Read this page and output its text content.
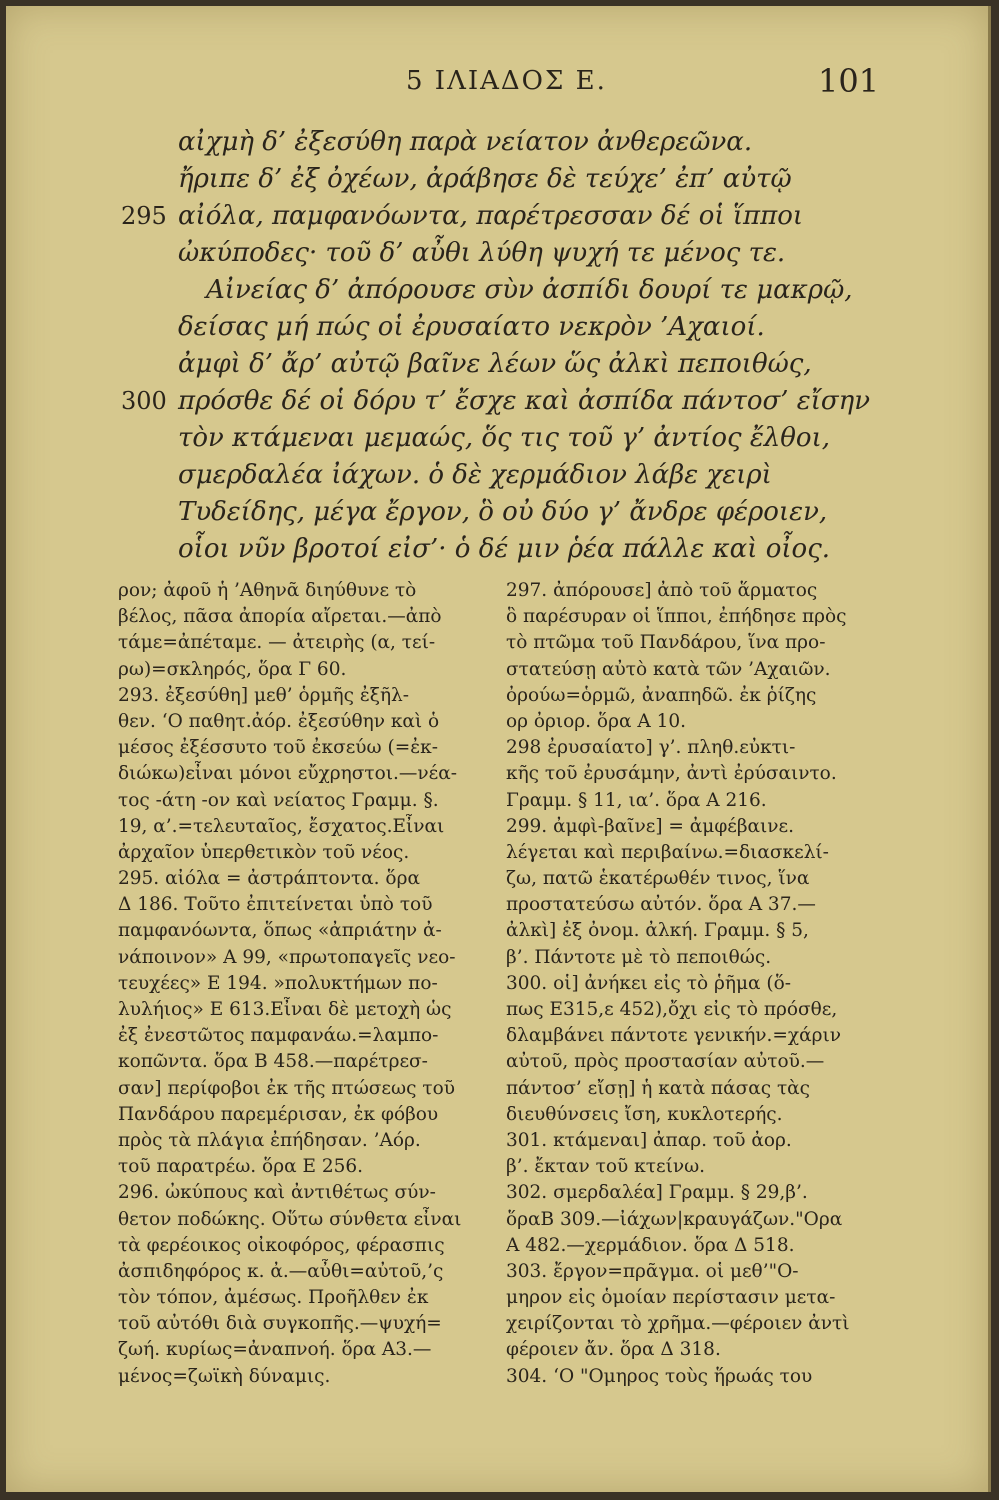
5 ΙΛΙΑΔΟΣ Ε.	101
αἰχμὴ δ’ ἐξεσύθη παρὰ νείατον ἀνθερεῶνα.
ἤριπε δ’ ἐξ ὀχέων, ἀράβησε δὲ τεύχε’ ἐπ’ αὐτῷ
295 αἰόλα, παμφανόωντα, παρέτρεσσαν δέ οἱ ἵπποι
ὠκύποδες· τοῦ δ’ αὖθι λύθη ψυχή τε μένος τε.
Αἰνείας δ’ ἀπόρουσε σὺν ἀσπίδι δουρί τε μακρῷ,
δείσας μή πώς οἱ ἐρυσαίατο νεκρὸν ’Αχαιοί.
ἀμφὶ δ’ ἄρ’ αὐτῷ βαῖνε λέων ὥς ἀλκὶ πεποιθώς,
300 πρόσθε δέ οἱ δόρυ τ’ ἔσχε καὶ ἀσπίδα πάντοσ’ εἴσην
τὸν κτάμεναι μεμαώς, ὅς τις τοῦ γ’ ἀντίος ἔλθοι,
σμερδαλέα ἰάχων. ὁ δὲ χερμάδιον λάβε χειρὶ
Τυδείδης, μέγα ἔργον, ὃ οὐ δύο γ’ ἄνδρε φέροιεν,
οἷοι νῦν βροτοί εἰσ’· ὁ δέ μιν ῥέα πάλλε καὶ οἶος.
ρον; ἀφοῦ ἡ ’Αθηνᾶ διηύθυνε τὸ
βέλος, πᾶσα ἀπορία αἴρεται.—ἀπὸ
τάμε=ἀπέταμε. — ἀτειρὴς (α, τεί-
ρω)=σκληρός, ὅρα Γ 60.
293. ἐξεσύθη] μεθ’ ὁρμῆς ἐξῆλ-
θεν. ‘Ο παθητ.ἀόρ. ἐξεσύθην καὶ ὁ
μέσος ἐξέσσυτο τοῦ ἐκσεύω (=ἐκ-
διώκω)εἶναι μόνοι εὔχρηστοι.—νέα-
τος -άτη -ον καὶ νείατος Γραμμ. §.
19, α’.=τελευταῖος, ἔσχατος.Εἶναι
ἀρχαῖον ὑπερθετικὸν τοῦ νέος.
295. αἰόλα = ἀστράπτοντα. ὅρα
Δ 186. Τοῦτο ἐπιτείνεται ὑπὸ τοῦ
παμφανόωντα, ὅπως «ἀπριάτην ἀ-
νάποινον» Α 99, «πρωτοπαγεῖς νεο-
τευχέες» Ε 194. »πολυκτήμων πο-
λυλήιος» Ε 613.Εἶναι δὲ μετοχὴ ὡς
ἐξ ἐνεστῶτος παμφανάω.=λαμπο-
κοπῶντα. ὅρα Β 458.—παρέτρεσ-
σαν] περίφοβοι ἐκ τῆς πτώσεως τοῦ
Πανδάρου παρεμέρισαν, ἐκ φόβου
πρὸς τὰ πλάγια ἐπήδησαν. ’Αόρ.
τοῦ παρατρέω. ὅρα Ε 256.
296. ὠκύπους καὶ ἀντιθέτως σύν-
θετον ποδώκης. Οὕτω σύνθετα εἶναι
τὰ φερέοικος οἰκοφόρος, φέρασπις
ἀσπιδηφόρος κ. ἀ.—αὖθι=αὐτοῦ,’ς
τὸν τόπον, ἀμέσως. Προῆλθεν ἐκ
τοῦ αὐτόθι διὰ συγκοπῆς.—ψυχή=
ζωή. κυρίως=ἀναπνοή. ὅρα Α3.—
μένος=ζωϊκὴ δύναμις.
297. ἀπόρουσε] ἀπὸ τοῦ ἅρματος
ὃ παρέσυραν οἱ ἵπποι, ἐπήδησε πρὸς
τὸ πτῶμα τοῦ Πανδάρου, ἵνα προ-
στατεύσῃ αὐτὸ κατὰ τῶν ’Αχαιῶν.
ὀρούω=ὁρμῶ, ἀναπηδῶ. ἐκ ῥίζης
ορ ὀριορ. ὅρα Α 10.
298 ἐρυσαίατο] γ’. πληθ.εὐκτι-
κῆς τοῦ ἐρυσάμην, ἀντὶ ἐρύσαιντο.
Γραμμ. § 11, ια’. ὅρα Α 216.
299. ἀμφὶ-βαῖνε] = ἀμφέβαινε.
λέγεται καὶ περιβαίνω.=διασκελί-
ζω, πατῶ ἑκατέρωθέν τινος, ἵνα
προστατεύσω αὐτόν. ὅρα Α 37.—
ἀλκὶ] ἐξ ὀνομ. ἀλκή. Γραμμ. § 5,
β’. Πάντοτε μὲ τὸ πεποιθώς.
300. οἱ] ἀνήκει εἰς τὸ ῥῆμα (ὅ-
πως Ε315,ε 452),ὄχι εἰς τὸ πρόσθε,
δλαμβάνει πάντοτε γενικήν.=χάριν
αὐτοῦ, πρὸς προστασίαν αὐτοῦ.—
πάντοσ’ εἴσῃ] ἡ κατὰ πάσας τὰς
διευθύνσεις ἴση, κυκλοτερής.
301. κτάμεναι] ἀπαρ. τοῦ ἀορ.
β’. ἔκταν τοῦ κτείνω.
302. σμερδαλέα] Γραμμ. § 29,β’.
ὅραΒ 309.—ἰάχων|κραυγάζων."Ορα
Α 482.—χερμάδιον. ὅρα Δ 518.
303. ἔργον=πρᾶγμα. οἱ μεθ’"Ο-
μηρον εἰς ὁμοίαν περίστασιν μετα-
χειρίζονται τὸ χρῆμα.—φέροιεν ἀντὶ
φέροιεν ἄν. ὅρα Δ 318.
304. ‘Ο "Ομηρος τοὺς ἥρωάς του
